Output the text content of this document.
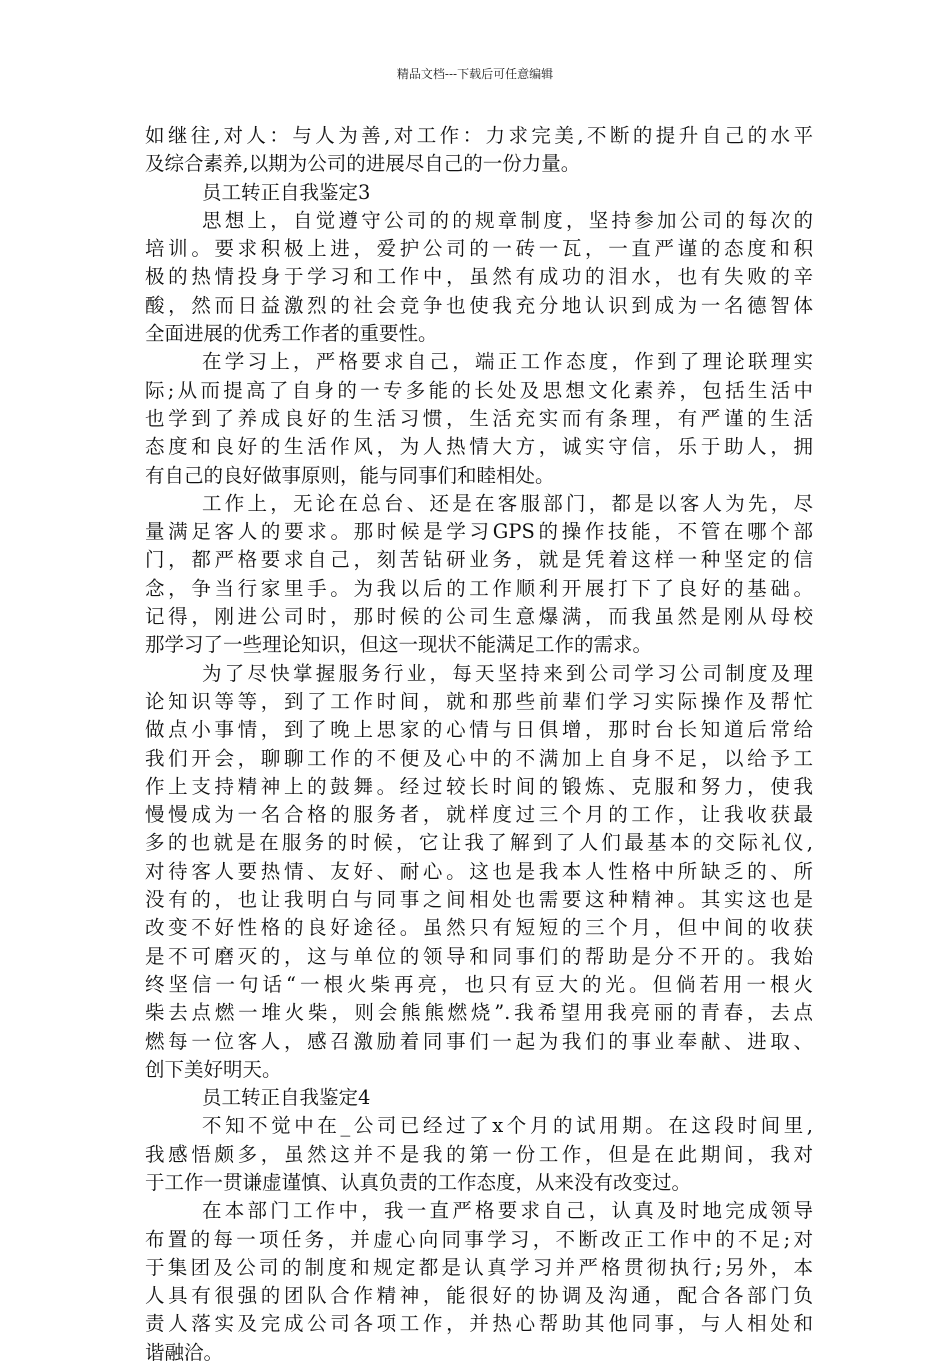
精品文档---下载后可任意编辑
如继往,对人：与人为善,对工作：力求完美,不断的提升自己的水平
及综合素养,以期为公司的进展尽自己的一份力量。
员工转正自我鉴定3
思想上，自觉遵守公司的的规章制度，坚持参加公司的每次的
培训。要求积极上进，爱护公司的一砖一瓦，一直严谨的态度和积
极的热情投身于学习和工作中，虽然有成功的泪水，也有失败的辛
酸，然而日益激烈的社会竞争也使我充分地认识到成为一名德智体
全面进展的优秀工作者的重要性。
在学习上，严格要求自己，端正工作态度，作到了理论联理实
际;从而提高了自身的一专多能的长处及思想文化素养，包括生活中
也学到了养成良好的生活习惯，生活充实而有条理，有严谨的生活
态度和良好的生活作风，为人热情大方，诚实守信，乐于助人，拥
有自己的良好做事原则，能与同事们和睦相处。
工作上，无论在总台、还是在客服部门，都是以客人为先，尽
量满足客人的要求。那时候是学习GPS的操作技能，不管在哪个部
门，都严格要求自己，刻苦钻研业务，就是凭着这样一种坚定的信
念，争当行家里手。为我以后的工作顺利开展打下了良好的基础。
记得，刚进公司时，那时候的公司生意爆满，而我虽然是刚从母校
那学习了一些理论知识，但这一现状不能满足工作的需求。
为了尽快掌握服务行业，每天坚持来到公司学习公司制度及理
论知识等等，到了工作时间，就和那些前辈们学习实际操作及帮忙
做点小事情，到了晚上思家的心情与日俱增，那时台长知道后常给
我们开会，聊聊工作的不便及心中的不满加上自身不足，以给予工
作上支持精神上的鼓舞。经过较长时间的锻炼、克服和努力，使我
慢慢成为一名合格的服务者，就样度过三个月的工作，让我收获最
多的也就是在服务的时候，它让我了解到了人们最基本的交际礼仪,
对待客人要热情、友好、耐心。这也是我本人性格中所缺乏的、所
没有的，也让我明白与同事之间相处也需要这种精神。其实这也是
改变不好性格的良好途径。虽然只有短短的三个月，但中间的收获
是不可磨灭的，这与单位的领导和同事们的帮助是分不开的。我始
终坚信一句话“一根火柴再亮，也只有豆大的光。但倘若用一根火
柴去点燃一堆火柴，则会熊熊燃烧”.我希望用我亮丽的青春，去点
燃每一位客人，感召激励着同事们一起为我们的事业奉献、进取、
创下美好明天。
员工转正自我鉴定4
不知不觉中在_公司已经过了x个月的试用期。在这段时间里,
我感悟颇多，虽然这并不是我的第一份工作，但是在此期间，我对
于工作一贯谦虚谨慎、认真负责的工作态度，从来没有改变过。
在本部门工作中，我一直严格要求自己，认真及时地完成领导
布置的每一项任务，并虚心向同事学习，不断改正工作中的不足;对
于集团及公司的制度和规定都是认真学习并严格贯彻执行;另外，本
人具有很强的团队合作精神，能很好的协调及沟通，配合各部门负
责人落实及完成公司各项工作，并热心帮助其他同事，与人相处和
谐融洽。
